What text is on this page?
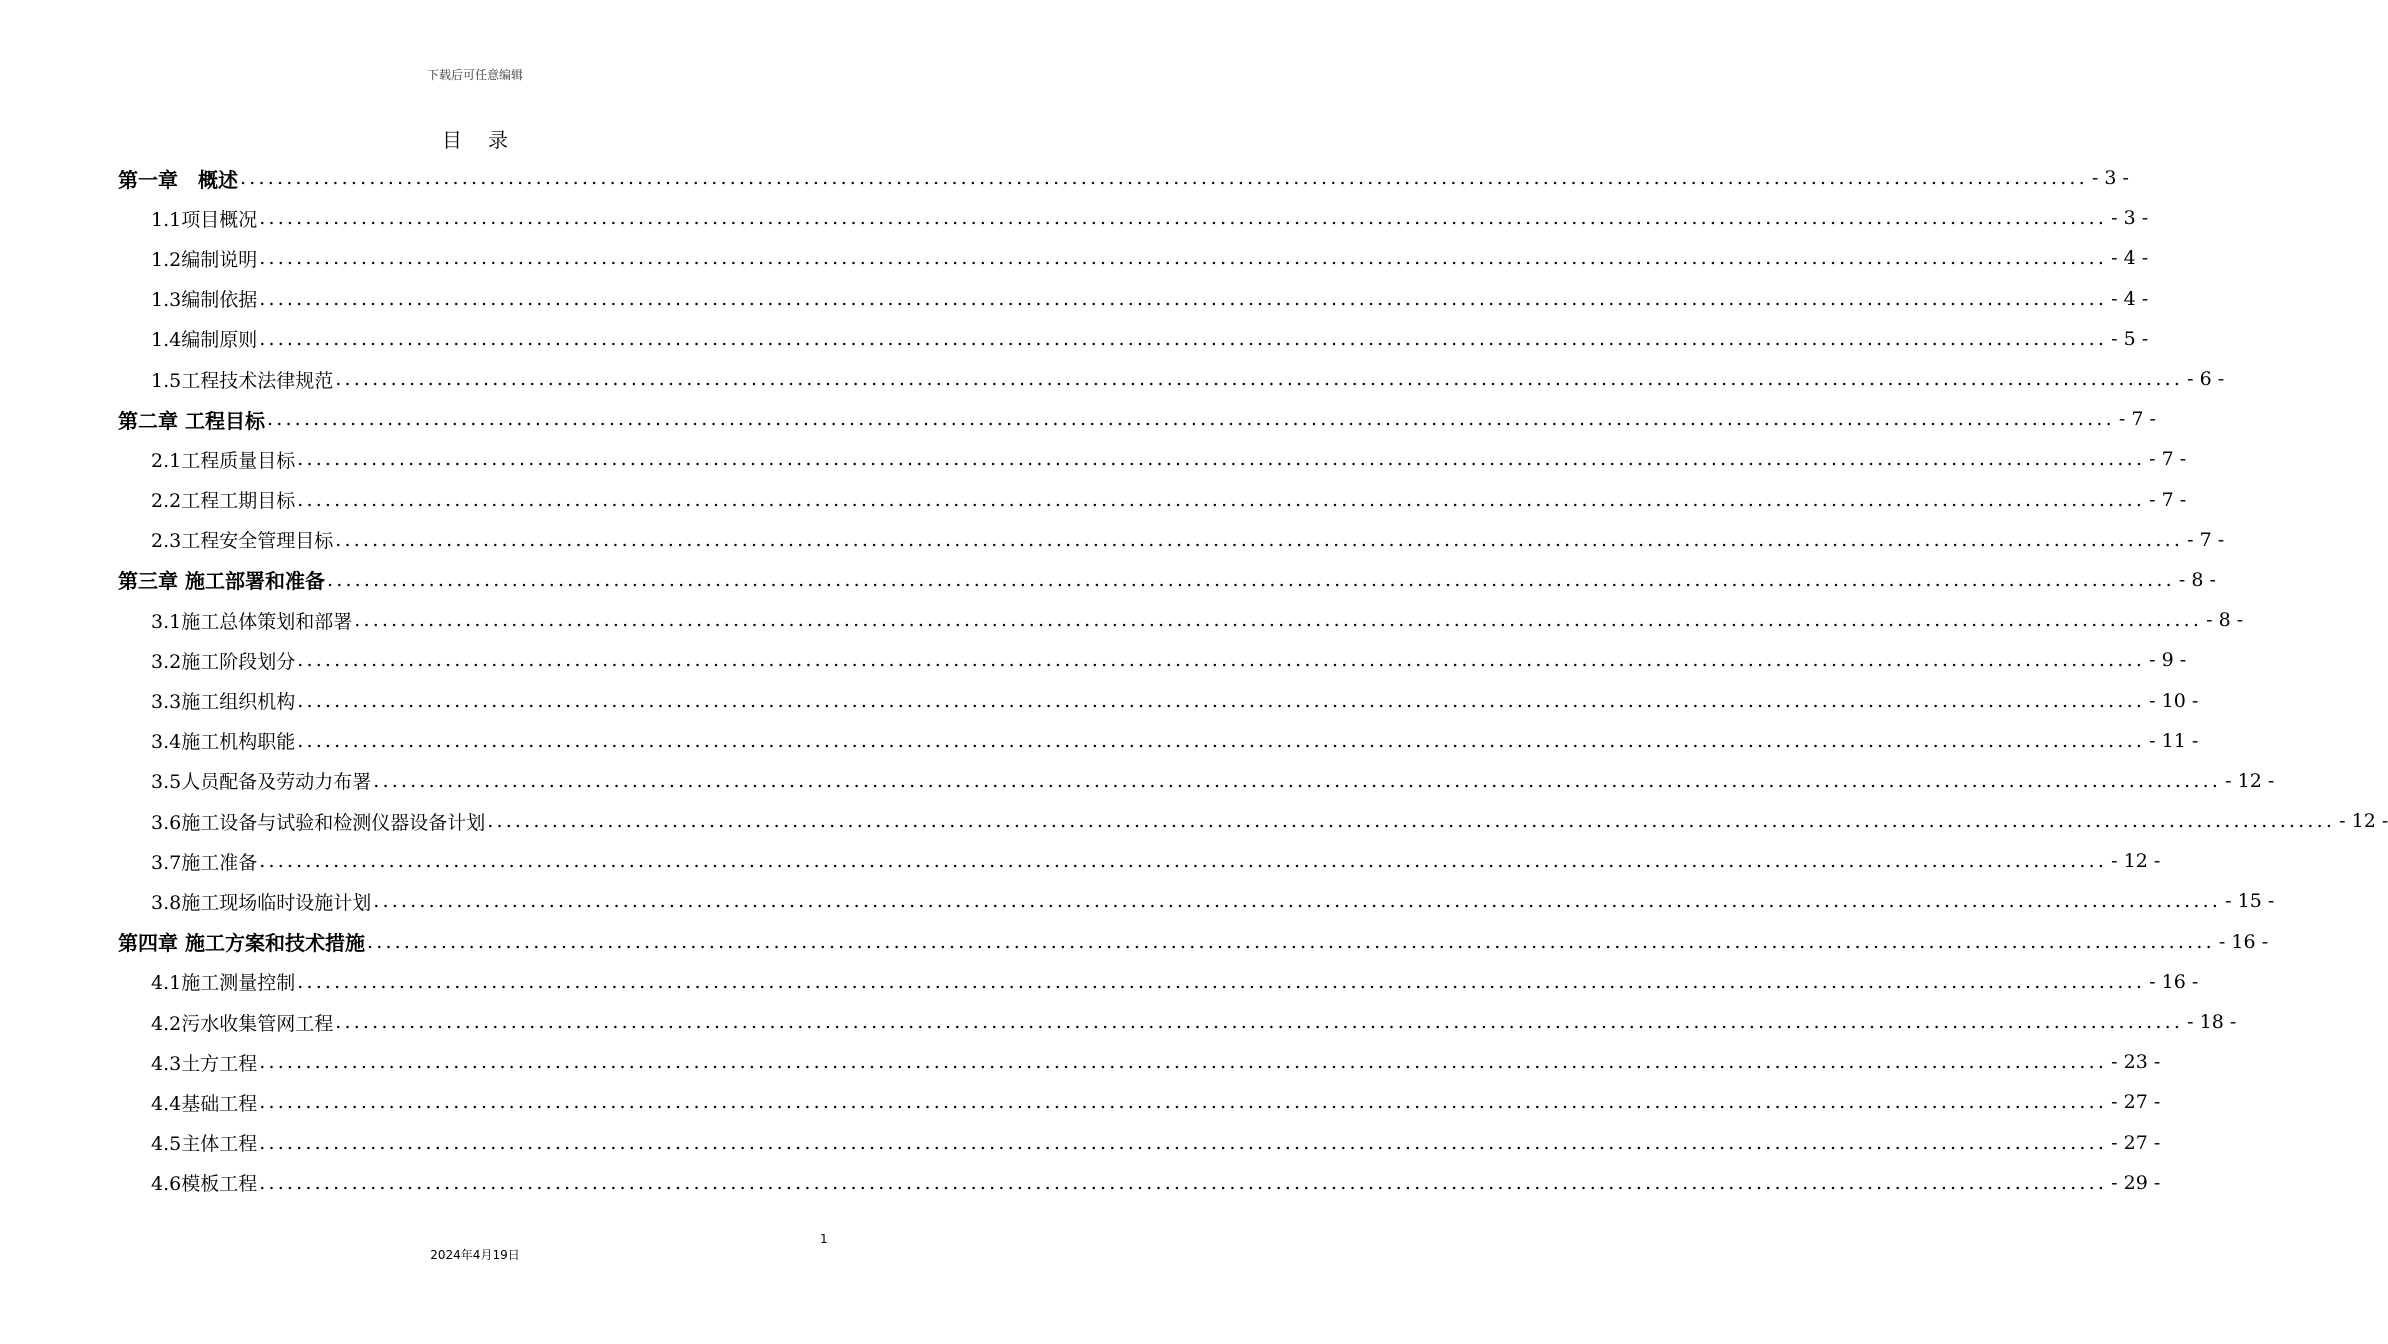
下载后可任意编辑
目录
第一章　概述 ........................................................................................................................................................................................................ - 3 -
1.1项目概况 ........................................................................................................................................................................................................ - 3 -
1.2编制说明 ........................................................................................................................................................................................................ - 4 -
1.3编制依据 ........................................................................................................................................................................................................ - 4 -
1.4编制原则 ........................................................................................................................................................................................................ - 5 -
1.5工程技术法律规范 ........................................................................................................................................................................................................ - 6 -
第二章 工程目标 ........................................................................................................................................................................................................ - 7 -
2.1工程质量目标 ........................................................................................................................................................................................................ - 7 -
2.2工程工期目标 ........................................................................................................................................................................................................ - 7 -
2.3工程安全管理目标 ........................................................................................................................................................................................................ - 7 -
第三章 施工部署和准备 ........................................................................................................................................................................................................ - 8 -
3.1施工总体策划和部署 ........................................................................................................................................................................................................ - 8 -
3.2施工阶段划分 ........................................................................................................................................................................................................ - 9 -
3.3施工组织机构 ........................................................................................................................................................................................................ - 10 -
3.4施工机构职能 ........................................................................................................................................................................................................ - 11 -
3.5人员配备及劳动力布署 ........................................................................................................................................................................................................ - 12 -
3.6施工设备与试验和检测仪器设备计划 ........................................................................................................................................................................................................ - 12 -
3.7施工准备 ........................................................................................................................................................................................................ - 12 -
3.8施工现场临时设施计划 ........................................................................................................................................................................................................ - 15 -
第四章 施工方案和技术措施 ........................................................................................................................................................................................................ - 16 -
4.1施工测量控制 ........................................................................................................................................................................................................ - 16 -
4.2污水收集管网工程 ........................................................................................................................................................................................................ - 18 -
4.3土方工程 ........................................................................................................................................................................................................ - 23 -
4.4基础工程 ........................................................................................................................................................................................................ - 27 -
4.5主体工程 ........................................................................................................................................................................................................ - 27 -
4.6模板工程 ........................................................................................................................................................................................................ - 29 -
1
2024年4月19日
